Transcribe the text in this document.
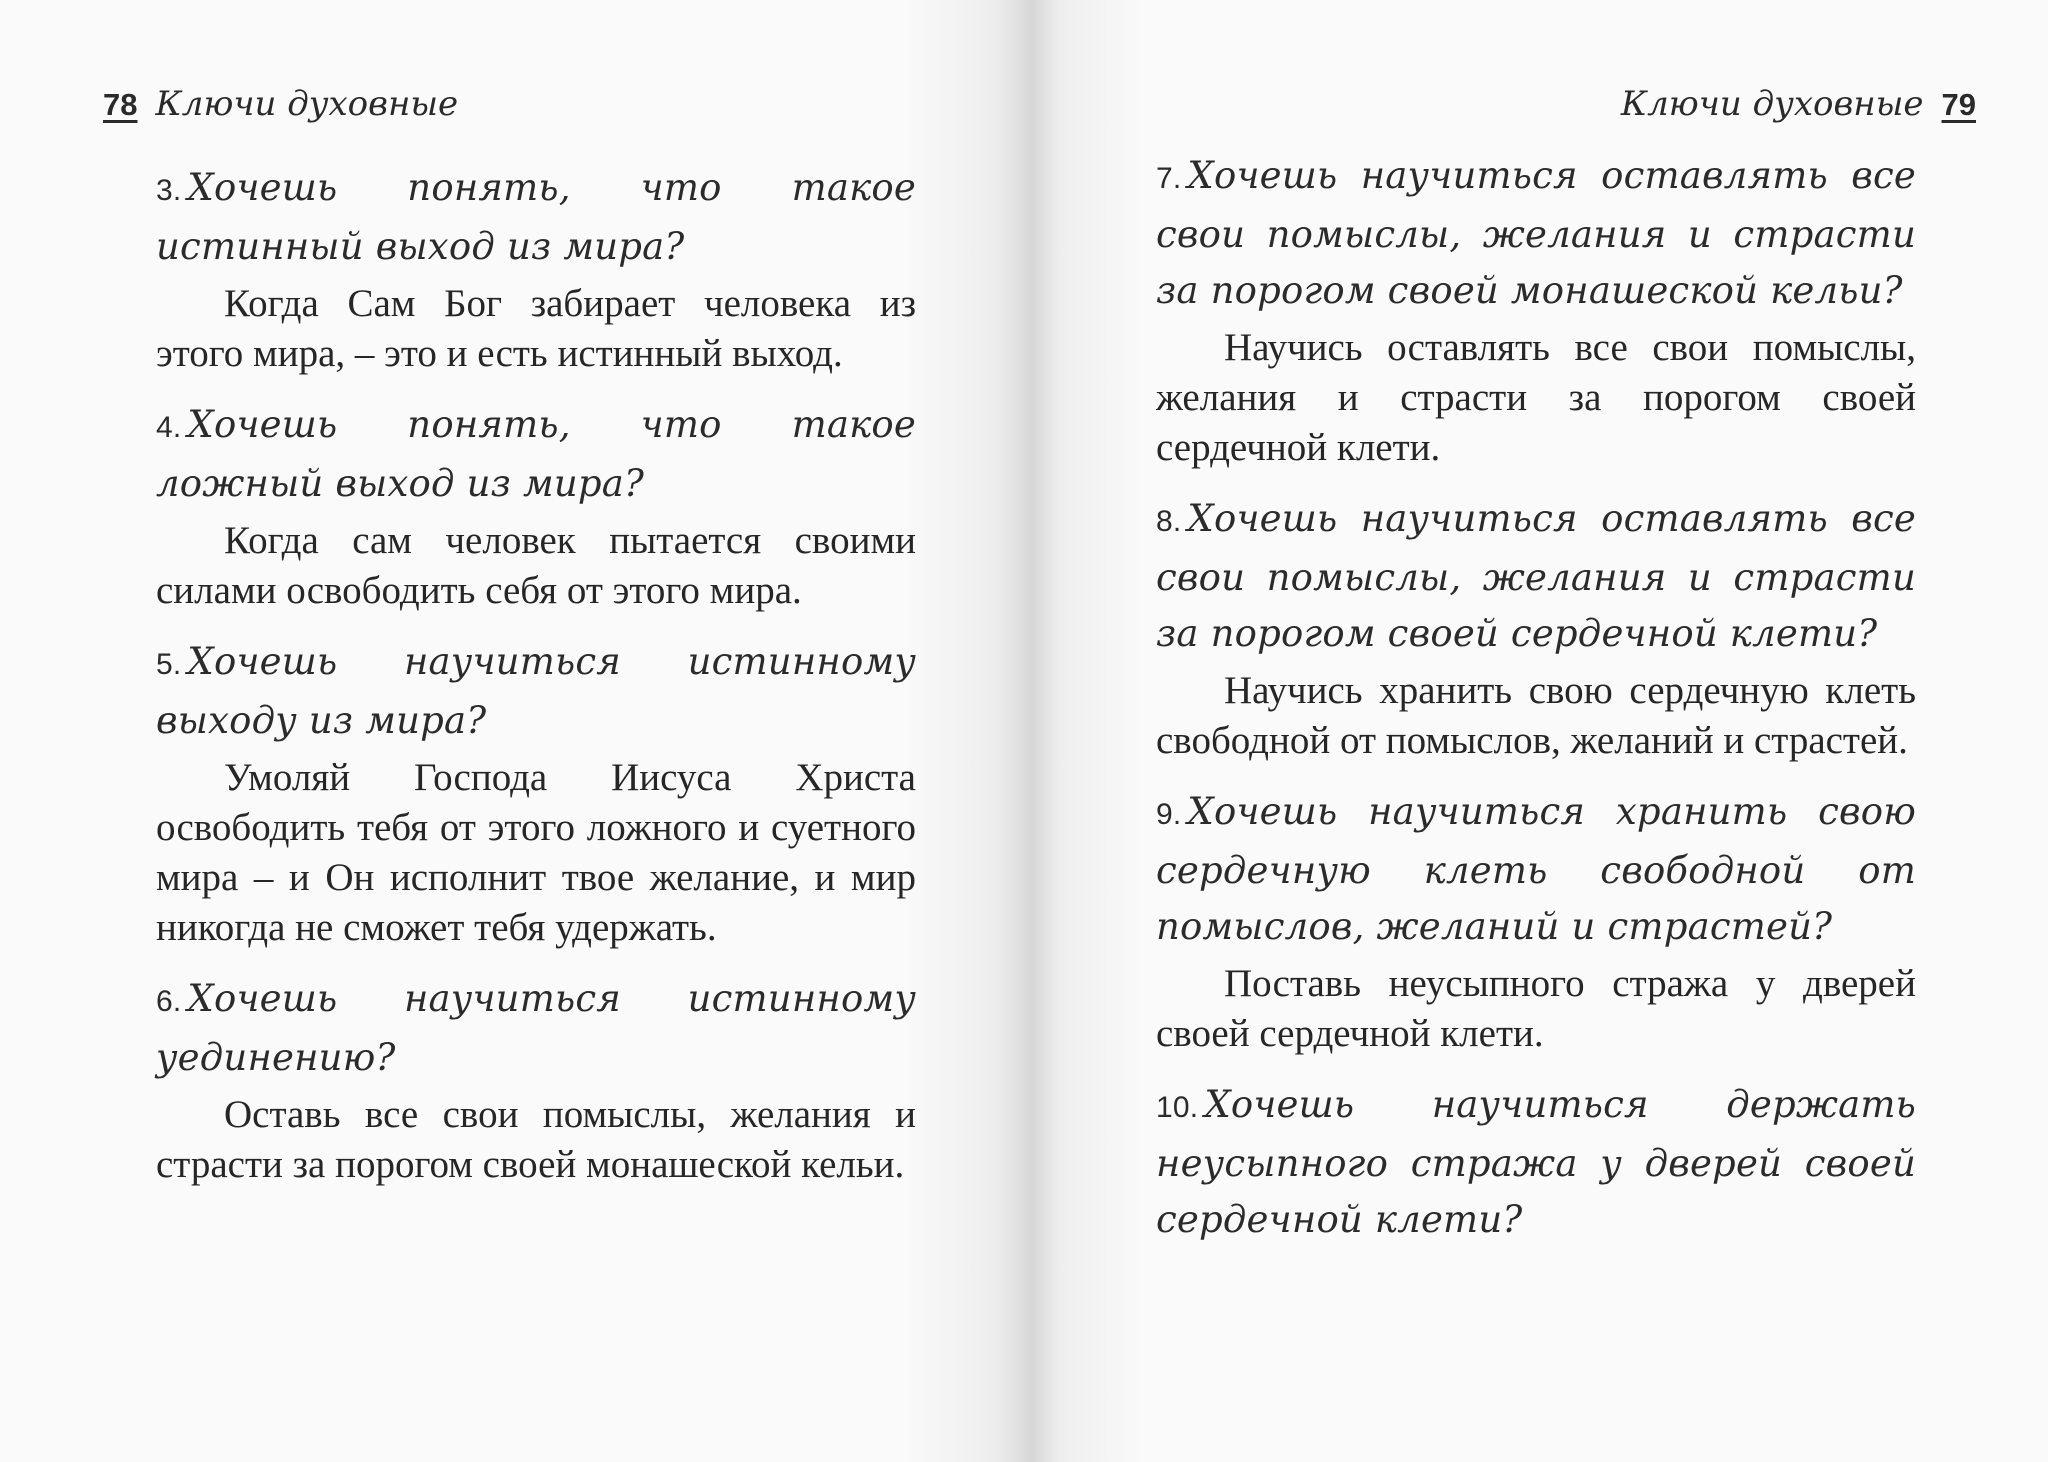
78 Ключи духовные
3. Хочешь понять, что такое истинный выход из мира?
Когда Сам Бог забирает человека из этого мира, – это и есть истинный выход.
4. Хочешь понять, что такое ложный выход из мира?
Когда сам человек пытается своими силами освободить себя от этого мира.
5. Хочешь научиться истинному выходу из мира?
Умоляй Господа Иисуса Христа освободить тебя от этого ложного и суетного мира – и Он исполнит твое желание, и мир никогда не сможет тебя удержать.
6. Хочешь научиться истинному уединению?
Оставь все свои помыслы, желания и страсти за порогом своей монашеской кельи.
Ключи духовные 79
7. Хочешь научиться оставлять все свои помыслы, желания и страсти за порогом своей монашеской кельи?
Научись оставлять все свои помыслы, желания и страсти за порогом своей сердечной клети.
8. Хочешь научиться оставлять все свои помыслы, желания и страсти за порогом своей сердечной клети?
Научись хранить свою сердечную клеть свободной от помыслов, желаний и страстей.
9. Хочешь научиться хранить свою сердечную клеть свободной от помыслов, желаний и страстей?
Поставь неусыпного стража у дверей своей сердечной клети.
10. Хочешь научиться держать неусыпного стража у дверей своей сердечной клети?
